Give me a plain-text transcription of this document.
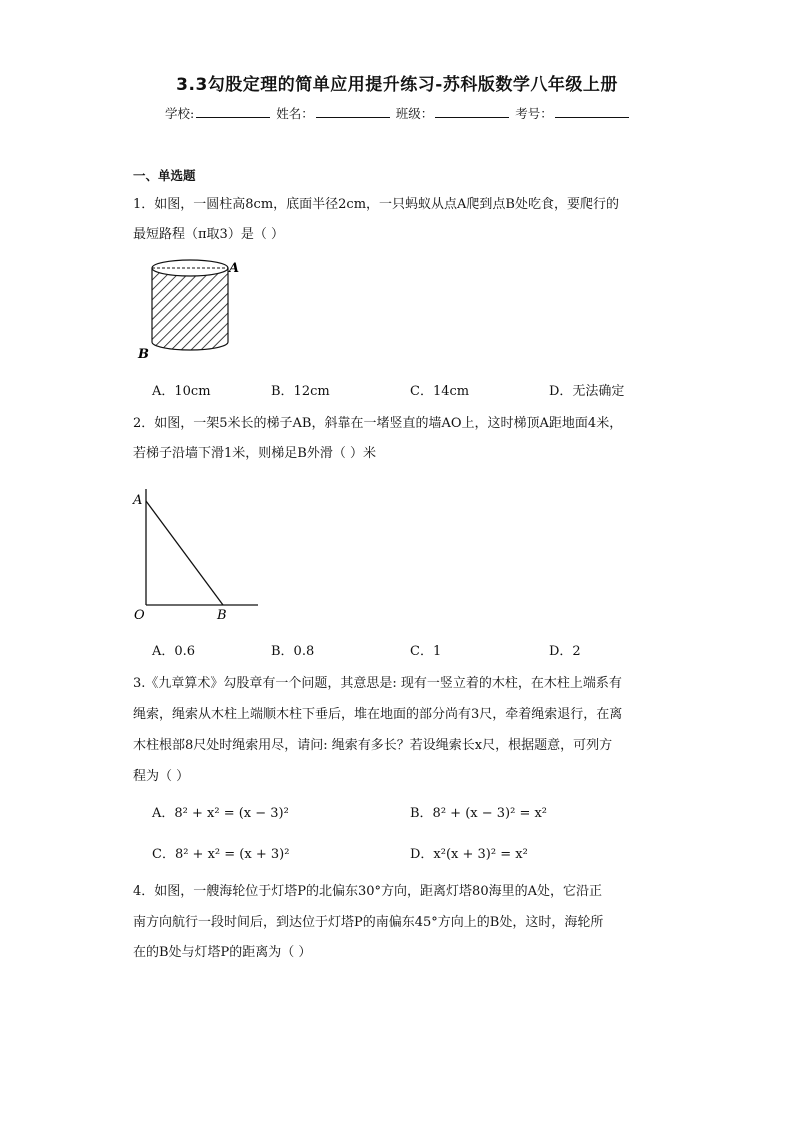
3.3勾股定理的简单应用提升练习-苏科版数学八年级上册
学校:	姓名：	班级：	考号：
一、单选题
1．如图，一圆柱高8cm，底面半径2cm，一只蚂蚁从点A爬到点B处吃食，要爬行的
最短路程（π取3）是（ ）
A
B
A．10cm	B．12cm	C．14cm	D．无法确定
2．如图，一架5米长的梯子AB，斜靠在一堵竖直的墙AO上，这时梯顶A距地面4米，
若梯子沿墙下滑1米，则梯足B外滑（ ）米
A
O	B
A．0.6	B．0.8	C．1	D．2
3.《九章算术》勾股章有一个问题，其意思是: 现有一竖立着的木柱，在木柱上端系有
绳索，绳索从木柱上端顺木柱下垂后，堆在地面的部分尚有3尺，牵着绳索退行，在离
木柱根部8尺处时绳索用尽，请问: 绳索有多长？若设绳索长x尺，根据题意，可列方
程为（ ）
A．8² + x² = (x − 3)²	B．8² + (x − 3)² = x²
C．8² + x² = (x + 3)²	D．x²(x + 3)² = x²
4．如图，一艘海轮位于灯塔P的北偏东30°方向，距离灯塔80海里的A处，它沿正
南方向航行一段时间后，到达位于灯塔P的南偏东45°方向上的B处，这时，海轮所
在的B处与灯塔P的距离为（ ）
